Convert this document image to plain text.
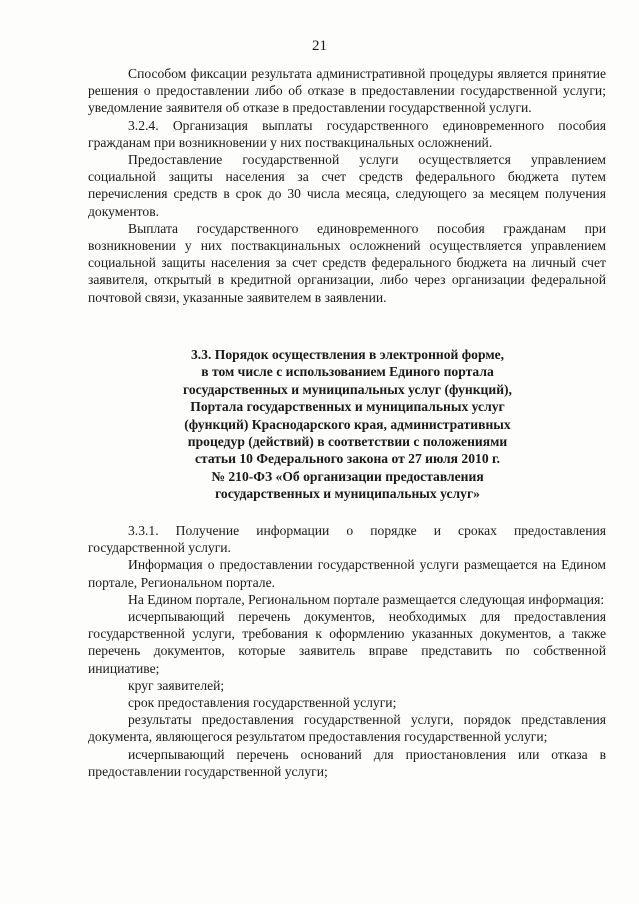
21

Способом фиксации результата административной процедуры является принятие решения о предоставлении либо об отказе в предоставлении государственной услуги; уведомление заявителя об отказе в предоставлении государственной услуги.

3.2.4. Организация выплаты государственного единовременного пособия гражданам при возникновении у них поствакцинальных осложнений.

Предоставление государственной услуги осуществляется управлением социальной защиты населения за счет средств федерального бюджета путем перечисления средств в срок до 30 числа месяца, следующего за месяцем получения документов.

Выплата государственного единовременного пособия гражданам при возникновении у них поствакцинальных осложнений осуществляется управлением социальной защиты населения за счет средств федерального бюджета на личный счет заявителя, открытый в кредитной организации, либо через организации федеральной почтовой связи, указанные заявителем в заявлении.

3.3. Порядок осуществления в электронной форме,
в том числе с использованием Единого портала
государственных и муниципальных услуг (функций),
Портала государственных и муниципальных услуг
(функций) Краснодарского края, административных
процедур (действий) в соответствии с положениями
статьи 10 Федерального закона от 27 июля 2010 г.
№ 210-ФЗ «Об организации предоставления
государственных и муниципальных услуг»

3.3.1. Получение информации о порядке и сроках предоставления государственной услуги.

Информация о предоставлении государственной услуги размещается на Едином портале, Региональном портале.

На Едином портале, Региональном портале размещается следующая информация:

исчерпывающий перечень документов, необходимых для предоставления государственной услуги, требования к оформлению указанных документов, а также перечень документов, которые заявитель вправе представить по собственной инициативе;

круг заявителей;

срок предоставления государственной услуги;

результаты предоставления государственной услуги, порядок представления документа, являющегося результатом предоставления государственной услуги;

исчерпывающий перечень оснований для приостановления или отказа в предоставлении государственной услуги;
